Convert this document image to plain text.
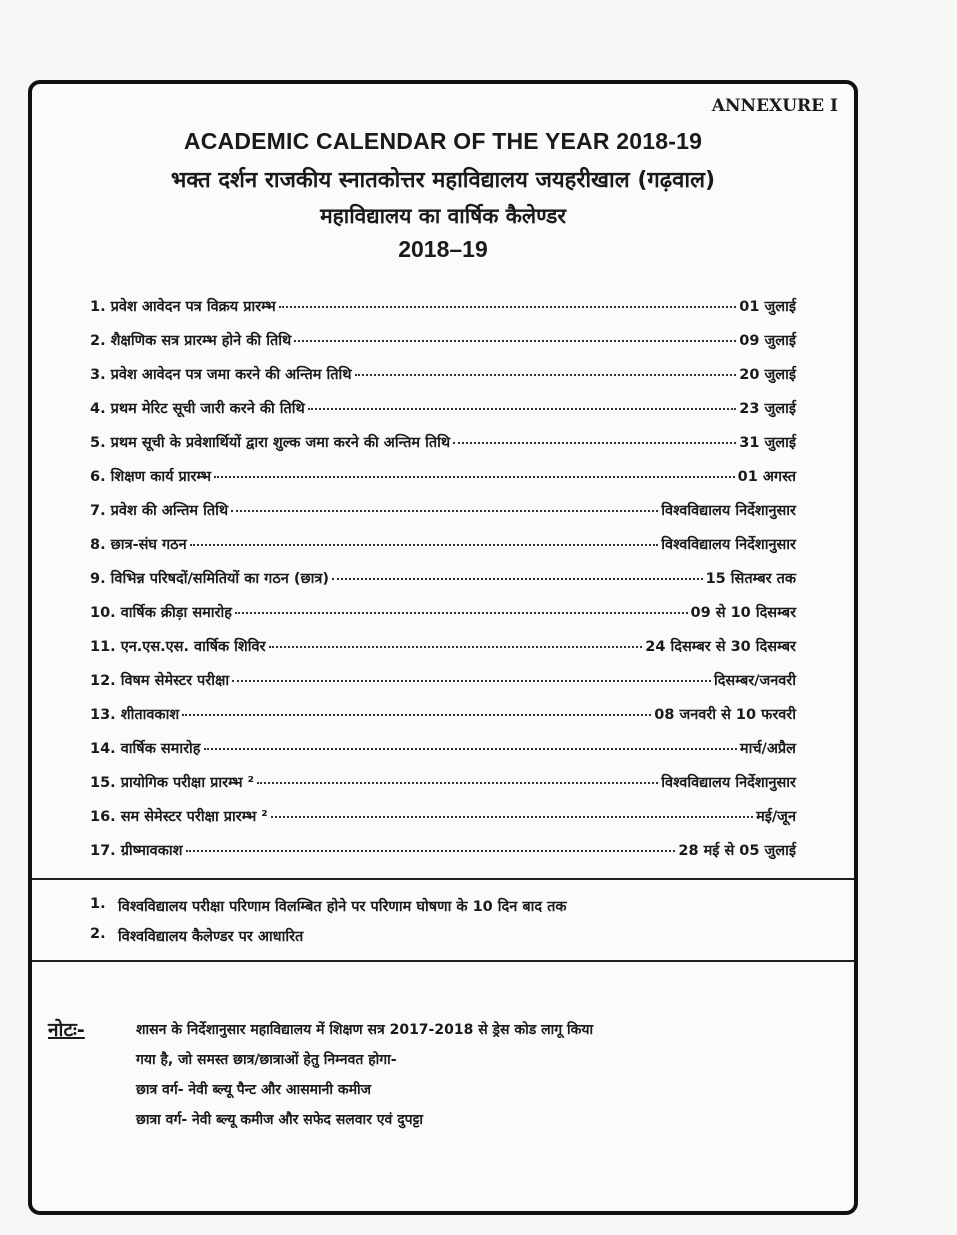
ANNEXURE I
ACADEMIC CALENDAR OF THE YEAR 2018-19
भक्त दर्शन राजकीय स्नातकोत्तर महाविद्यालय जयहरीखाल (गढ़वाल)
महाविद्यालय का वार्षिक कैलेण्डर
2018–19
1. प्रवेश आवेदन पत्र विक्रय प्रारम्भ	01 जुलाई
2. शैक्षणिक सत्र प्रारम्भ होने की तिथि	09 जुलाई
3. प्रवेश आवेदन पत्र जमा करने की अन्तिम तिथि	20 जुलाई
4. प्रथम मेरिट सूची जारी करने की तिथि	23 जुलाई
5. प्रथम सूची के प्रवेशार्थियों द्वारा शुल्क जमा करने की अन्तिम तिथि	31 जुलाई
6. शिक्षण कार्य प्रारम्भ	01 अगस्त
7. प्रवेश की अन्तिम तिथि	विश्वविद्यालय निर्देशानुसार
8. छात्र-संघ गठन	विश्वविद्यालय निर्देशानुसार
9. विभिन्न परिषदों/समितियों का गठन (छात्र)	15 सितम्बर तक
10. वार्षिक क्रीड़ा समारोह	09 से 10 दिसम्बर
11. एन.एस.एस. वार्षिक शिविर	24 दिसम्बर से 30 दिसम्बर
12. विषम सेमेस्टर परीक्षा	दिसम्बर/जनवरी
13. शीतावकाश	08 जनवरी से 10 फरवरी
14. वार्षिक समारोह	मार्च/अप्रैल
15. प्रायोगिक परीक्षा प्रारम्भ ²	विश्वविद्यालय निर्देशानुसार
16. सम सेमेस्टर परीक्षा प्रारम्भ ²	मई/जून
17. ग्रीष्मावकाश	28 मई से 05 जुलाई
1. विश्वविद्यालय परीक्षा परिणाम विलम्बित होने पर परिणाम घोषणा के 10 दिन बाद तक
2. विश्वविद्यालय कैलेण्डर पर आधारित
नोटः-	शासन के निर्देशानुसार महाविद्यालय में शिक्षण सत्र 2017-2018 से ड्रेस कोड लागू किया
गया है, जो समस्त छात्र/छात्राओं हेतु निम्नवत होगा-
छात्र वर्ग- नेवी ब्ल्यू पैन्ट और आसमानी कमीज
छात्रा वर्ग- नेवी ब्ल्यू कमीज और सफेद सलवार एवं दुपट्टा
